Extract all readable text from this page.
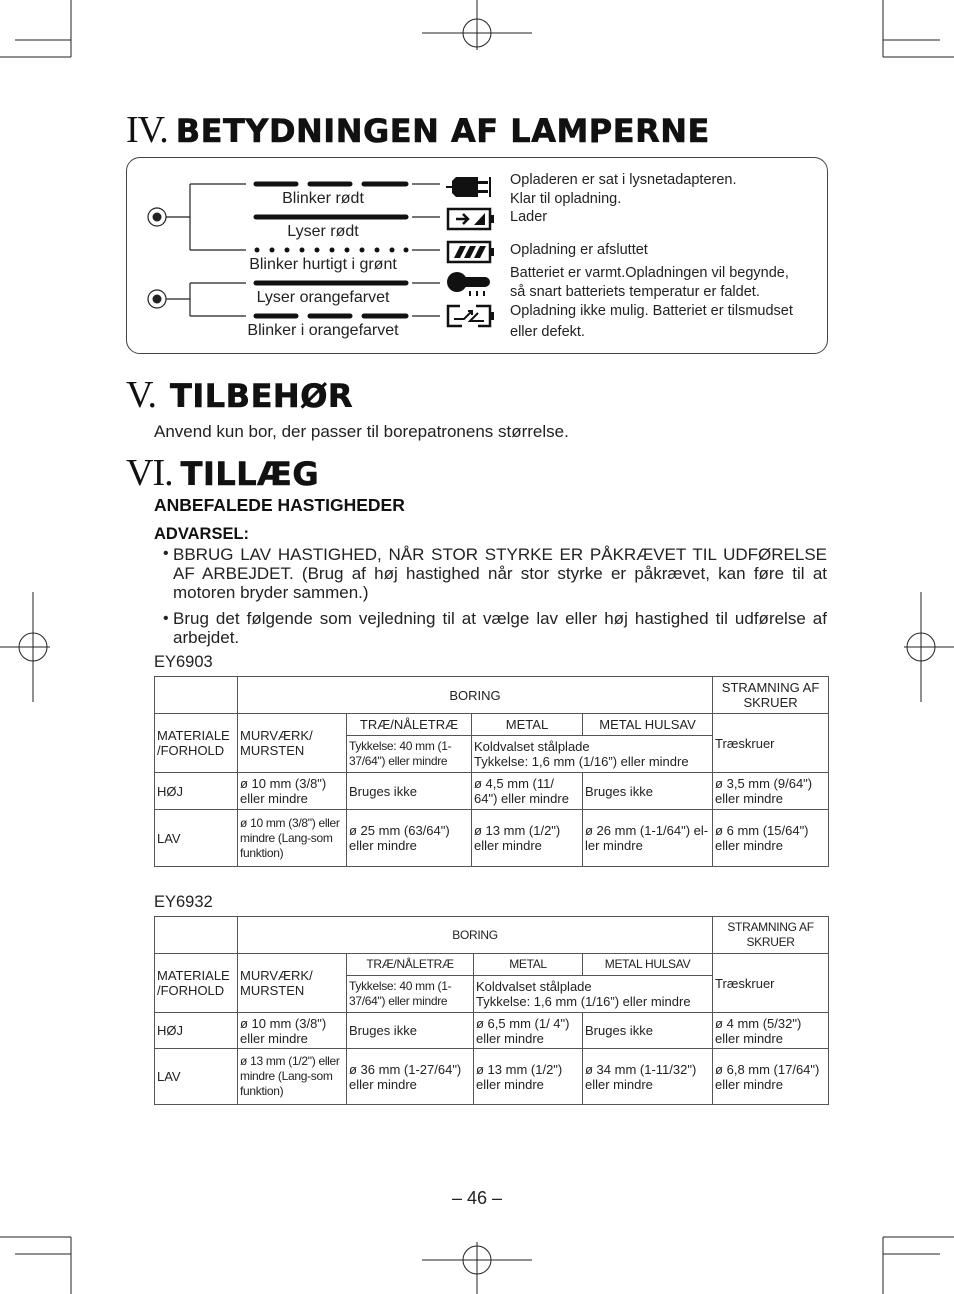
IV. BETYDNINGEN AF LAMPERNE
Blinker rødt
Lyser rødt
Blinker hurtigt i grønt
Lyser orangefarvet
Blinker i orangefarvet
Opladeren er sat i lysnetadapteren.
Klar til opladning.
Lader
Opladning er afsluttet
Batteriet er varmt.Opladningen vil begynde,
så snart batteriets temperatur er faldet.
Opladning ikke mulig. Batteriet er tilsmudset
eller defekt.
V. TILBEHØR
Anvend kun bor, der passer til borepatronens størrelse.
VI. TILLÆG
ANBEFALEDE HASTIGHEDER
ADVARSEL:
• BBRUG LAV HASTIGHED, NÅR STOR STYRKE ER PÅKRÆVET TIL UDFØRELSE AF ARBEJDET. (Brug af høj hastighed når stor styrke er påkrævet, kan føre til at motoren bryder sammen.)
• Brug det følgende som vejledning til at vælge lav eller høj hastighed til udførelse af arbejdet.
EY6903
	BORING				STRAMNING AF SKRUER
MATERIALE /FORHOLD	MURVÆRK/ MURSTEN	TRÆ/NÅLETRÆ	METAL	METAL HULSAV	Træskruer
		Tykkelse: 40 mm (1-37/64") eller mindre	Koldvalset stålplade
Tykkelse: 1,6 mm (1/16”) eller mindre		

HØJ	ø 10 mm (3/8") eller mindre	Bruges ikke	ø 4,5 mm (11/ 64") eller mindre	Bruges ikke	ø 3,5 mm (9/64") eller mindre
LAV	ø 10 mm (3/8") eller mindre (Lang-som funktion)	ø 25 mm (63/64") eller mindre	ø 13 mm (1/2") eller mindre	ø 26 mm (1-1/64") el-ler mindre	ø 6 mm (15/64") eller mindre
EY6932
	BORING				STRAMNING AF SKRUER
MATERIALE /FORHOLD	MURVÆRK/ MURSTEN	TRÆ/NÅLETRÆ	METAL	METAL HULSAV	Træskruer
		Tykkelse: 40 mm (1-37/64") eller mindre	Koldvalset stålplade
Tykkelse: 1,6 mm (1/16”) eller mindre		

HØJ	ø 10 mm (3/8") eller mindre	Bruges ikke	ø 6,5 mm (1/ 4") eller mindre	Bruges ikke	ø 4 mm (5/32") eller mindre
LAV	ø 13 mm (1/2") eller mindre (Lang-som funktion)	ø 36 mm (1-27/64") eller mindre	ø 13 mm (1/2") eller mindre	ø 34 mm (1-11/32") eller mindre	ø 6,8 mm (17/64") eller mindre
– 46 –
